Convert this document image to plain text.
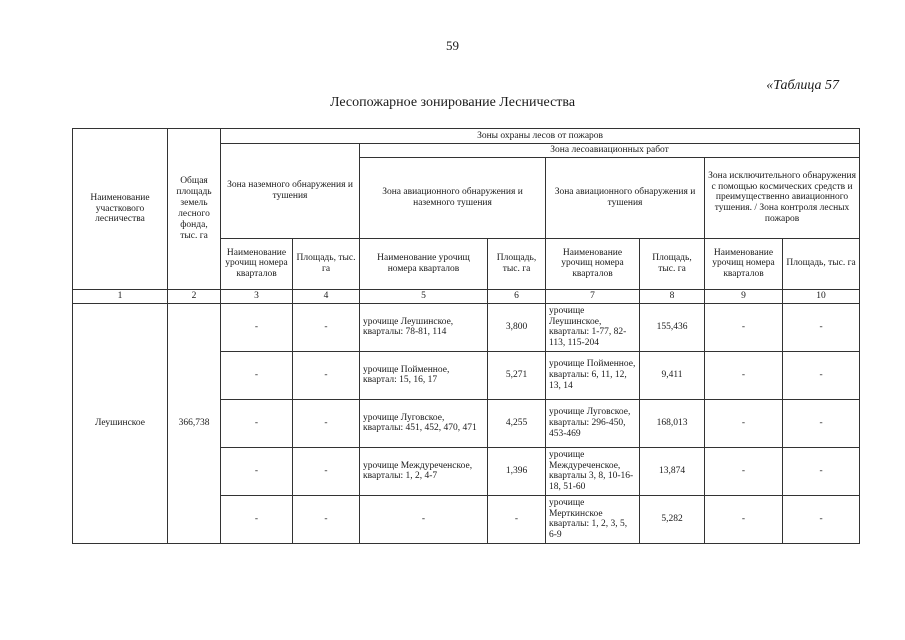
59
«Таблица 57
Лесопожарное зонирование Лесничества
Наименование участкового лесничества	Общая площадь земель лесного фонда, тыс. га	Зоны охраны лесов от пожаров							
		Зона наземного обнаружения и тушения		Зона лесоавиационных работ					
				Зона авиационного обнаружения и наземного тушения		Зона авиационного обнаружения и тушения		Зона исключительного обнаружения с помощью космических средств и преимущественно авиационного тушения. / Зона контроля лесных пожаров	
		Наименование урочищ номера кварталов	Площадь, тыс. га	Наименование урочищ номера кварталов	Площадь, тыс. га	Наименование урочищ номера кварталов	Площадь, тыс. га	Наименование урочищ номера кварталов	Площадь, тыс. га
1	2	3	4	5	6	7	8	9	10
Леушинское	366,738	-	-	урочище Леушинское, кварталы: 78-81, 114	3,800	урочище Леушинское, кварталы: 1-77, 82-113, 115-204	155,436	-	-
		-	-	урочище Пойменное, квартал: 15, 16, 17	5,271	урочище Пойменное, кварталы: 6, 11, 12, 13, 14	9,411	-	-
		-	-	урочище Луговское, кварталы: 451, 452, 470, 471	4,255	урочище Луговское, кварталы: 296-450, 453-469	168,013	-	-
		-	-	урочище Междуреченское, кварталы: 1, 2, 4-7	1,396	урочище Междуреченское, кварталы 3, 8, 10-16-18, 51-60	13,874	-	-
		-	-	-	-	урочище Мерткинское кварталы: 1, 2, 3, 5, 6-9	5,282	-	-
